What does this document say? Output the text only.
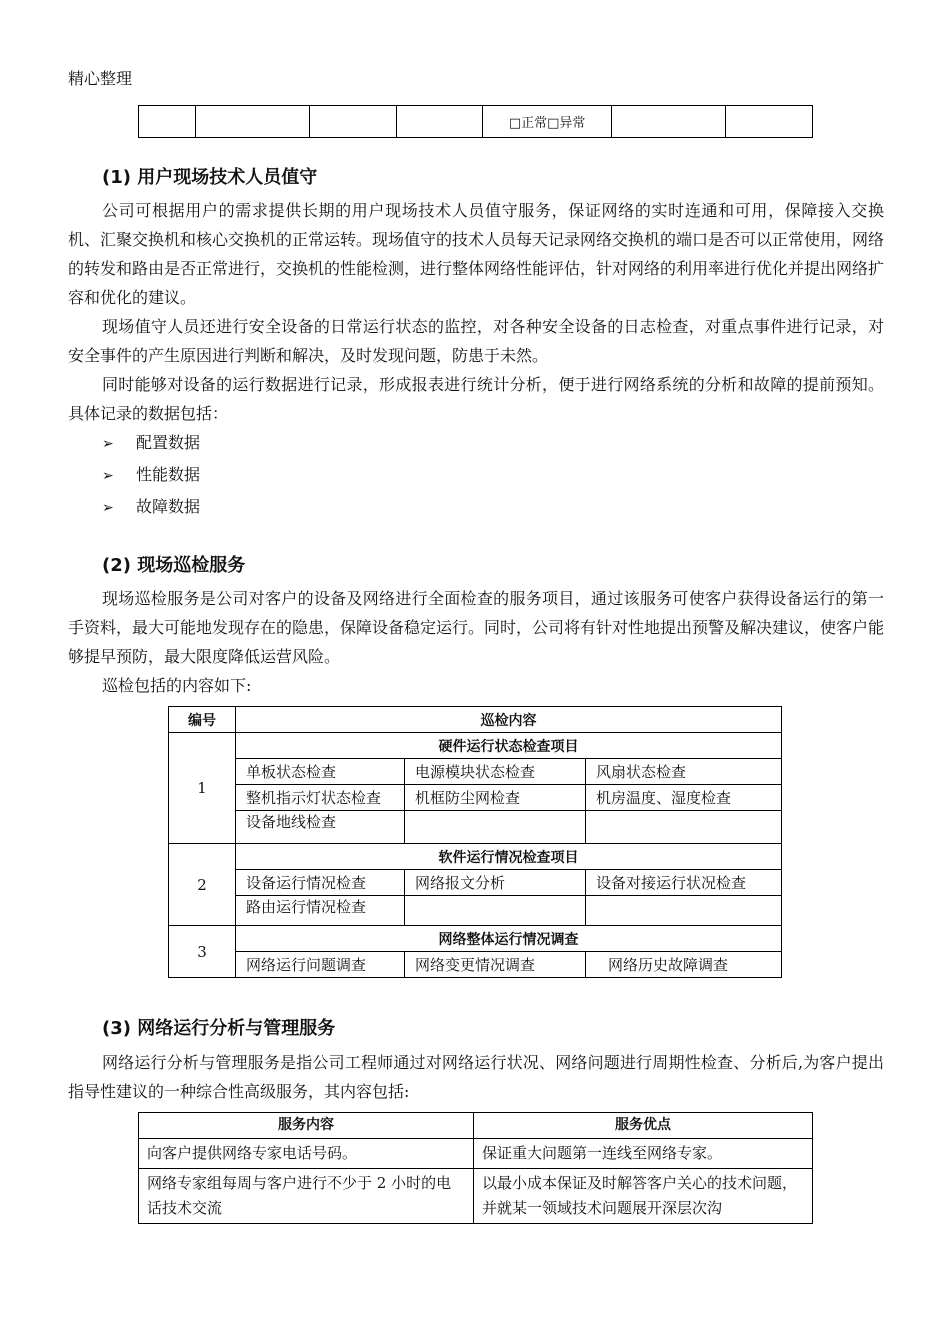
精心整理
				□正常□异常		
(1) 用户现场技术人员值守
公司可根据用户的需求提供长期的用户现场技术人员值守服务，保证网络的实时连通和可用，保障接入交换机、汇聚交换机和核心交换机的正常运转。现场值守的技术人员每天记录网络交换机的端口是否可以正常使用，网络的转发和路由是否正常进行，交换机的性能检测，进行整体网络性能评估，针对网络的利用率进行优化并提出网络扩容和优化的建议。
现场值守人员还进行安全设备的日常运行状态的监控，对各种安全设备的日志检查，对重点事件进行记录，对安全事件的产生原因进行判断和解决，及时发现问题，防患于未然。
同时能够对设备的运行数据进行记录，形成报表进行统计分析，便于进行网络系统的分析和故障的提前预知。具体记录的数据包括：
➢ 配置数据
➢ 性能数据
➢ 故障数据
(2) 现场巡检服务
现场巡检服务是公司对客户的设备及网络进行全面检查的服务项目，通过该服务可使客户获得设备运行的第一手资料，最大可能地发现存在的隐患，保障设备稳定运行。同时，公司将有针对性地提出预警及解决建议，使客户能够提早预防，最大限度降低运营风险。
巡检包括的内容如下:
编号	巡检内容		
1	硬件运行状态检查项目		
	单板状态检查	电源模块状态检查	风扇状态检查
	整机指示灯状态检查	机框防尘网检查	机房温度、湿度检查
	设备地线检查		
2	软件运行情况检查项目		
	设备运行情况检查	网络报文分析	设备对接运行状况检查
	路由运行情况检查		
3	网络整体运行情况调查		
	网络运行问题调查	网络变更情况调查	网络历史故障调查
(3) 网络运行分析与管理服务
网络运行分析与管理服务是指公司工程师通过对网络运行状况、网络问题进行周期性检查、分析后,为客户提出指导性建议的一种综合性高级服务，其内容包括:
服务内容	服务优点
向客户提供网络专家电话号码。	保证重大问题第一连线至网络专家。
网络专家组每周与客户进行不少于 2 小时的电话技术交流	以最小成本保证及时解答客户关心的技术问题，并就某一领域技术问题展开深层次沟
